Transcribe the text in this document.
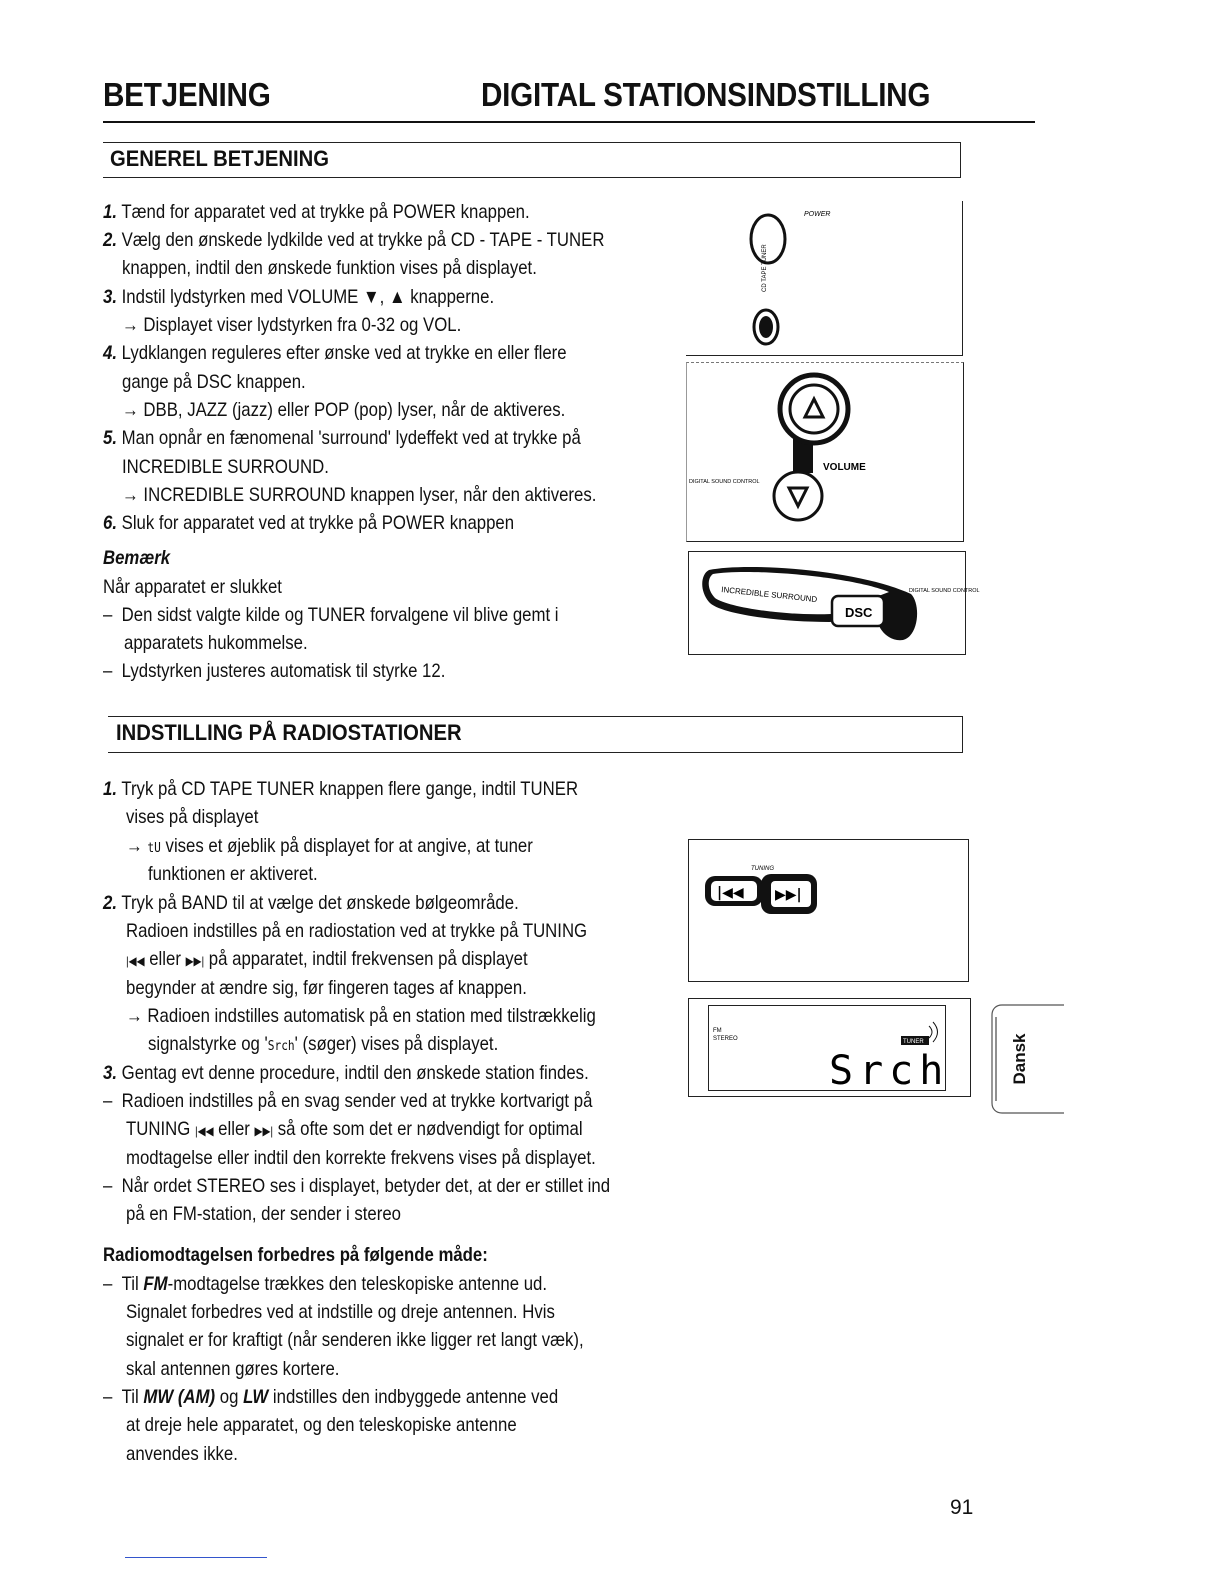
BETJENING	DIGITAL STATIONSINDSTILLING
GENEREL BETJENING
1. Tænd for apparatet ved at trykke på POWER knappen.
2. Vælg den ønskede lydkilde ved at trykke på CD - TAPE - TUNER
knappen, indtil den ønskede funktion vises på displayet.
3. Indstil lydstyrken med VOLUME ▼, ▲ knapperne.
→ Displayet viser lydstyrken fra 0-32 og VOL.
4. Lydklangen reguleres efter ønske ved at trykke en eller flere
gange på DSC knappen.
→ DBB, JAZZ (jazz) eller POP (pop) lyser, når de aktiveres.
5. Man opnår en fænomenal 'surround' lydeffekt ved at trykke på
INCREDIBLE SURROUND.
→ INCREDIBLE SURROUND knappen lyser, når den aktiveres.
6. Sluk for apparatet ved at trykke på POWER knappen
Bemærk
Når apparatet er slukket
–  Den sidst valgte kilde og TUNER forvalgene vil blive gemt i
apparatets hukommelse.
–  Lydstyrken justeres automatisk til styrke 12.
POWER
CD TAPE TUNER
VOLUME
DIGITAL SOUND CONTROL
INCREDIBLE SURROUND
DSC
DIGITAL SOUND CONTROL
INDSTILLING PÅ RADIOSTATIONER
1. Tryk på CD TAPE TUNER knappen flere gange, indtil TUNER
vises på displayet
→ tU vises et øjeblik på displayet for at angive, at tuner
funktionen er aktiveret.
2. Tryk på BAND til at vælge det ønskede bølgeområde.
Radioen indstilles på en radiostation ved at trykke på TUNING
|◀◀ eller ▶▶| på apparatet, indtil frekvensen på displayet
begynder at ændre sig, før fingeren tages af knappen.
→ Radioen indstilles automatisk på en station med tilstrækkelig
signalstyrke og 'Srch' (søger) vises på displayet.
3. Gentag evt denne procedure, indtil den ønskede station findes.
–  Radioen indstilles på en svag sender ved at trykke kortvarigt på
TUNING |◀◀ eller ▶▶| så ofte som det er nødvendigt for optimal
modtagelse eller indtil den korrekte frekvens vises på displayet.
–  Når ordet STEREO ses i displayet, betyder det, at der er stillet ind
på en FM-station, der sender i stereo
Radiomodtagelsen forbedres på følgende måde:
–  Til FM-modtagelse trækkes den teleskopiske antenne ud.
Signalet forbedres ved at indstille og dreje antennen. Hvis
signalet er for kraftigt (når senderen ikke ligger ret langt væk),
skal antennen gøres kortere.
–  Til MW (AM) og LW indstilles den indbyggede antenne ved
at dreje hele apparatet, og den teleskopiske antenne
anvendes ikke.
TUNING
|◀◀ ▶▶|
FM
STEREO	TUNER
Srch	Dansk
91
